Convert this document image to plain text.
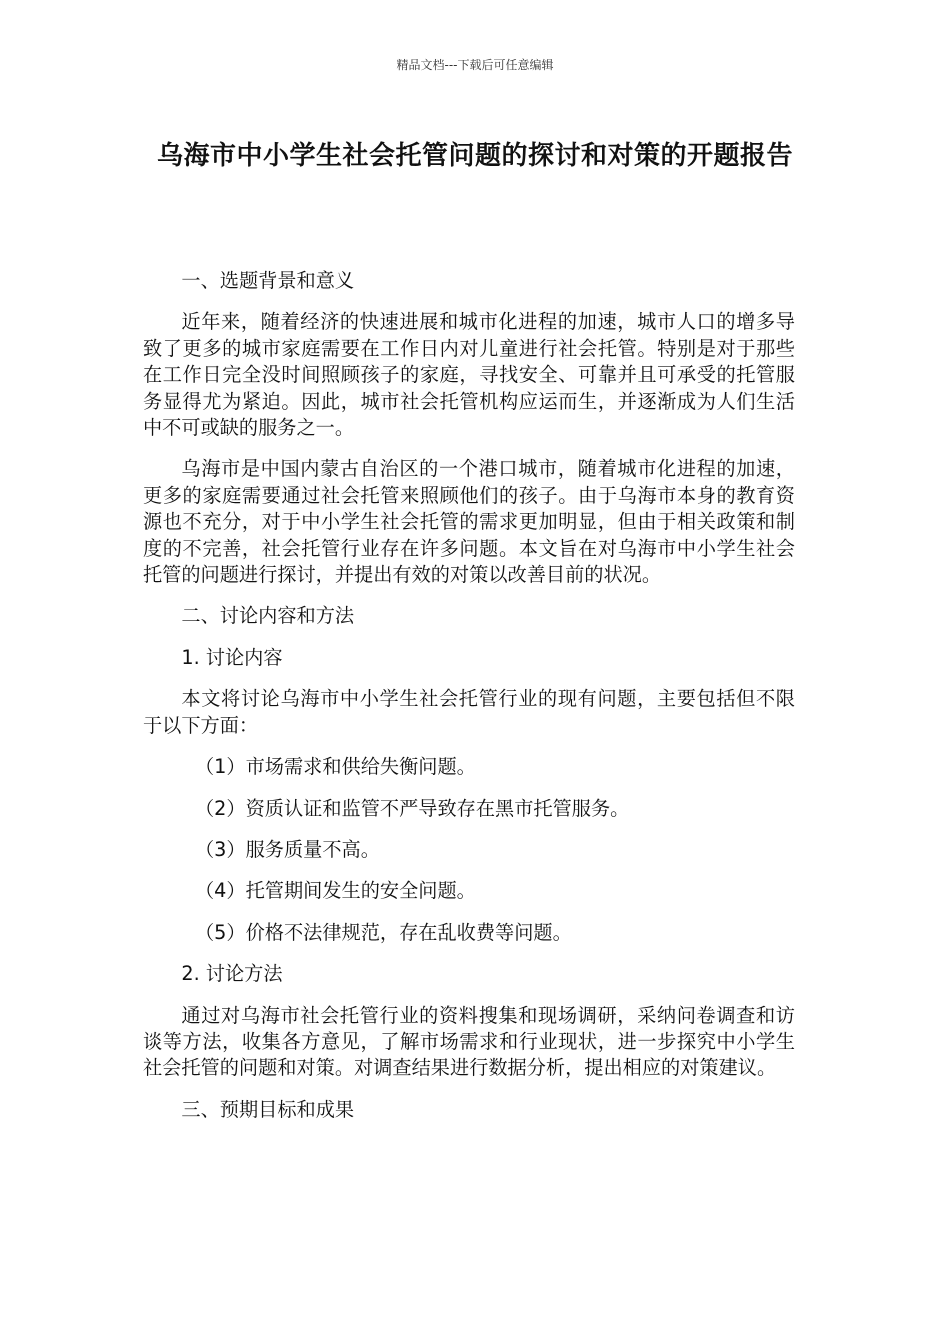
精品文档---下载后可任意编辑
乌海市中小学生社会托管问题的探讨和对策的开题报告

一、选题背景和意义

近年来，随着经济的快速进展和城市化进程的加速，城市人口的增多导致了更多的城市家庭需要在工作日内对儿童进行社会托管。特别是对于那些在工作日完全没时间照顾孩子的家庭，寻找安全、可靠并且可承受的托管服务显得尤为紧迫。因此，城市社会托管机构应运而生，并逐渐成为人们生活中不可或缺的服务之一。

乌海市是中国内蒙古自治区的一个港口城市，随着城市化进程的加速，更多的家庭需要通过社会托管来照顾他们的孩子。由于乌海市本身的教育资源也不充分，对于中小学生社会托管的需求更加明显，但由于相关政策和制度的不完善，社会托管行业存在许多问题。本文旨在对乌海市中小学生社会托管的问题进行探讨，并提出有效的对策以改善目前的状况。

二、讨论内容和方法

1. 讨论内容

本文将讨论乌海市中小学生社会托管行业的现有问题，主要包括但不限于以下方面：

（1）市场需求和供给失衡问题。

（2）资质认证和监管不严导致存在黑市托管服务。

（3）服务质量不高。

（4）托管期间发生的安全问题。

（5）价格不法律规范，存在乱收费等问题。

2. 讨论方法

通过对乌海市社会托管行业的资料搜集和现场调研，采纳问卷调查和访谈等方法，收集各方意见，了解市场需求和行业现状，进一步探究中小学生社会托管的问题和对策。对调查结果进行数据分析，提出相应的对策建议。

三、预期目标和成果
